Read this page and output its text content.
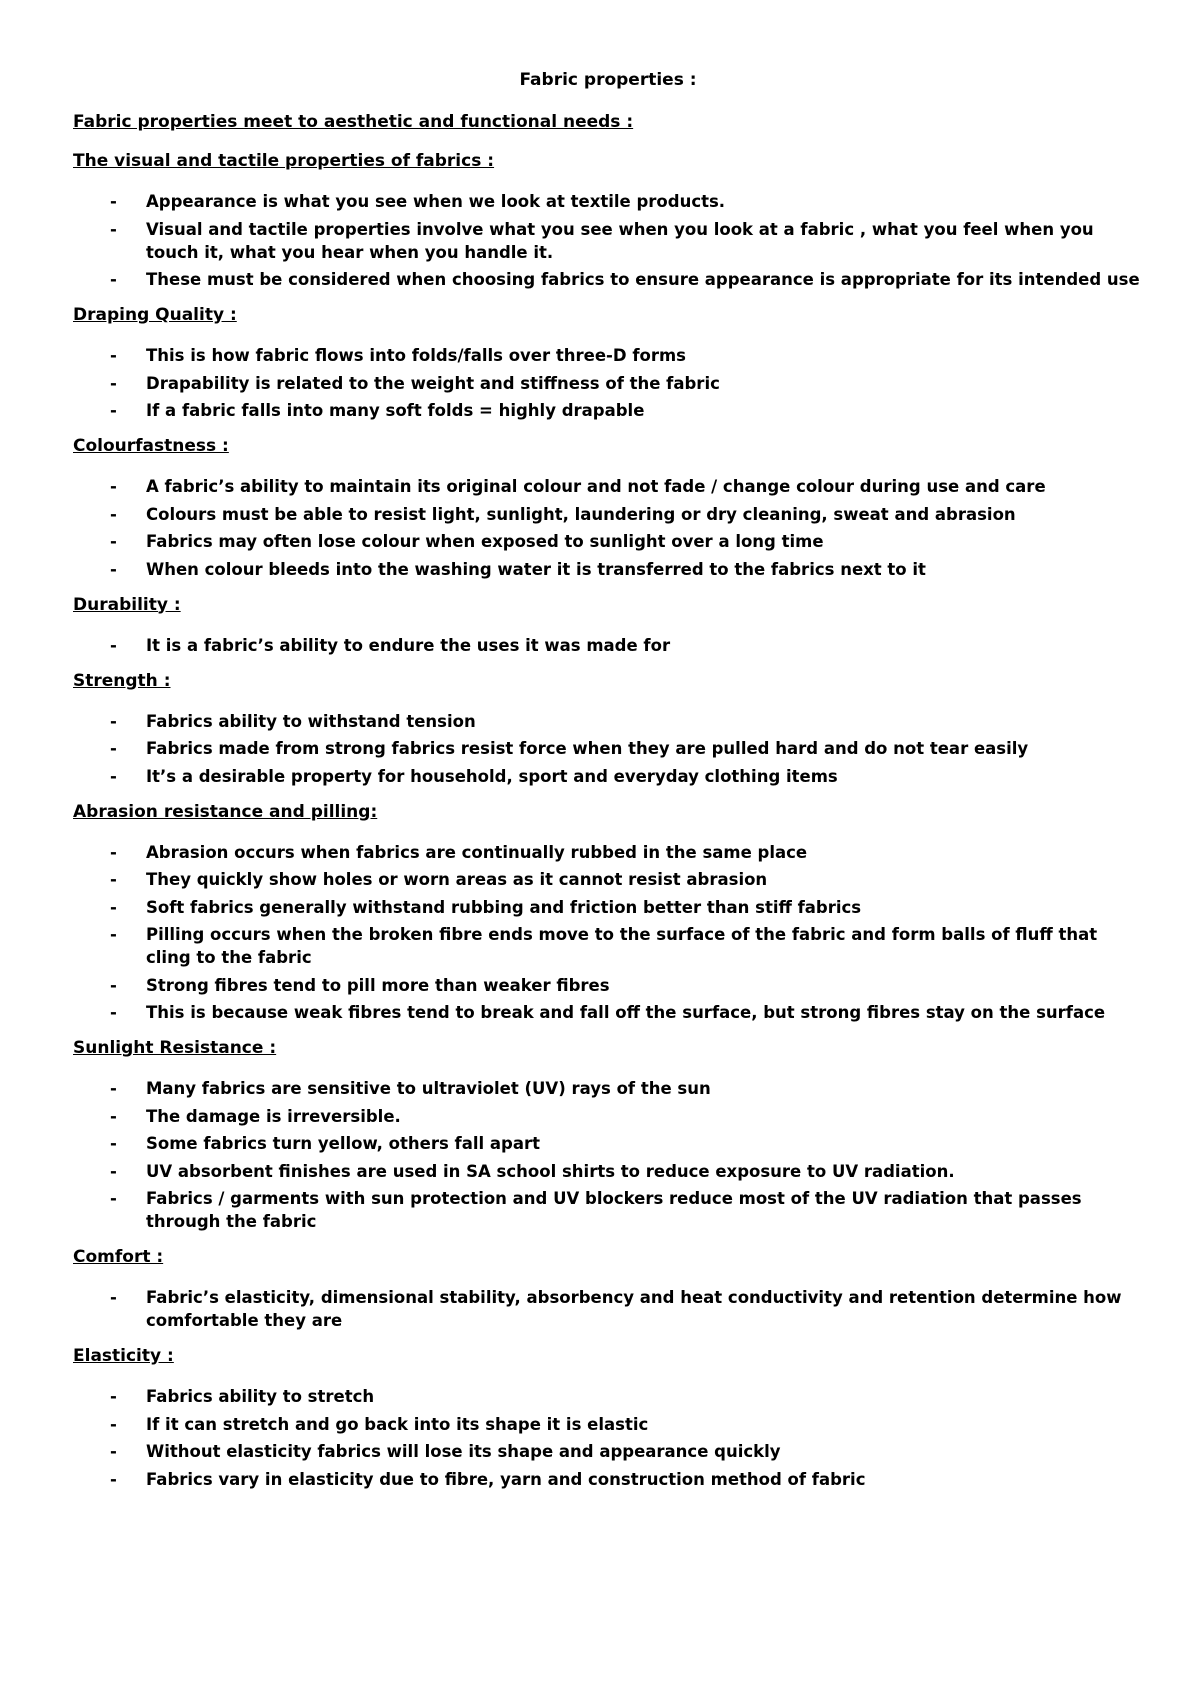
Fabric properties :
Fabric properties meet to aesthetic and functional needs :
The visual and tactile properties of fabrics :
- Appearance is what you see when we look at textile products.
- Visual and tactile properties involve what you see when you look at a fabric , what you feel when you touch it, what you hear when you handle it.
- These must be considered when choosing fabrics to ensure appearance is appropriate for its intended use
Draping Quality :
- This is how fabric flows into folds/falls over three-D forms
- Drapability is related to the weight and stiffness of the fabric
- If a fabric falls into many soft folds = highly drapable
Colourfastness :
- A fabric’s ability to maintain its original colour and not fade / change colour during use and care
- Colours must be able to resist light, sunlight, laundering or dry cleaning, sweat and abrasion
- Fabrics may often lose colour when exposed to sunlight over a long time
- When colour bleeds into the washing water it is transferred to the fabrics next to it
Durability :
- It is a fabric’s ability to endure the uses it was made for
Strength :
- Fabrics ability to withstand tension
- Fabrics made from strong fabrics resist force when they are pulled hard and do not tear easily
- It’s a desirable property for household, sport and everyday clothing items
Abrasion resistance and pilling:
- Abrasion occurs when fabrics are continually rubbed in the same place
- They quickly show holes or worn areas as it cannot resist abrasion
- Soft fabrics generally withstand rubbing and friction better than stiff fabrics
- Pilling occurs when the broken fibre ends move to the surface of the fabric and form balls of fluff that cling to the fabric
- Strong fibres tend to pill more than weaker fibres
- This is because weak fibres tend to break and fall off the surface, but strong fibres stay on the surface
Sunlight Resistance :
- Many fabrics are sensitive to ultraviolet (UV) rays of the sun
- The damage is irreversible.
- Some fabrics turn yellow, others fall apart
- UV absorbent finishes are used in SA school shirts to reduce exposure to UV radiation.
- Fabrics / garments with sun protection and UV blockers reduce most of the UV radiation that passes through the fabric
Comfort :
- Fabric’s elasticity, dimensional stability, absorbency and heat conductivity and retention determine how comfortable they are
Elasticity :
- Fabrics ability to stretch
- If it can stretch and go back into its shape it is elastic
- Without elasticity fabrics will lose its shape and appearance quickly
- Fabrics vary in elasticity due to fibre, yarn and construction method of fabric
